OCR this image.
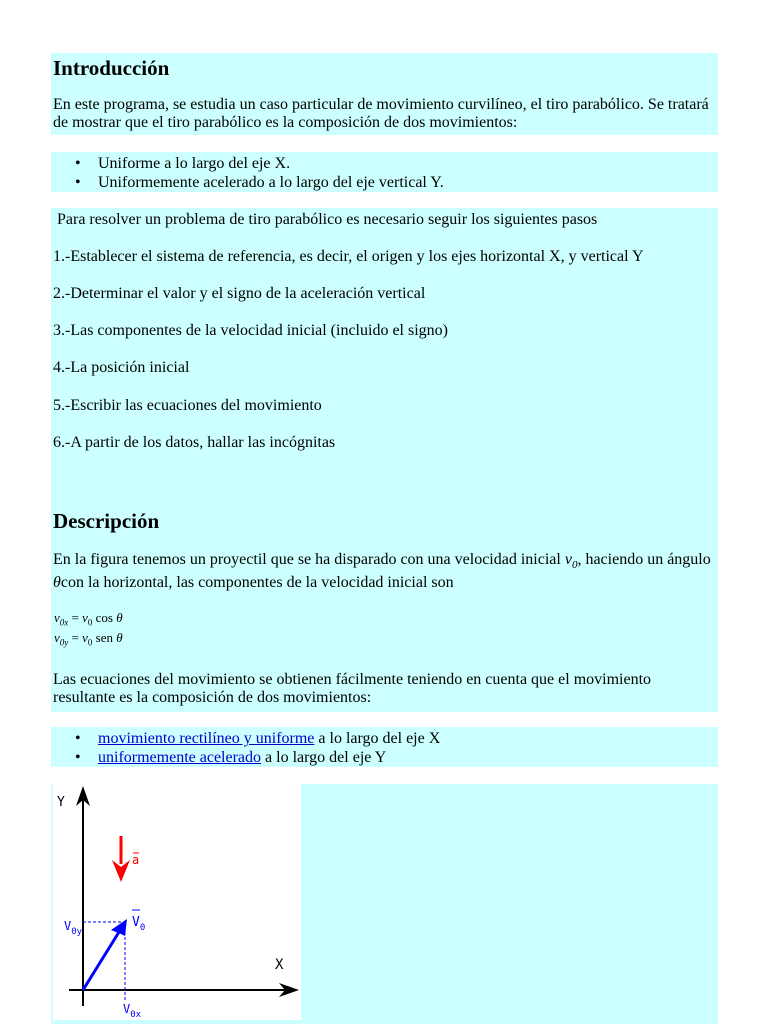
Introducción
En este programa, se estudia un caso particular de movimiento curvilíneo, el tiro parabólico. Se tratará de mostrar que el tiro parabólico es la composición de dos movimientos:
• Uniforme a lo largo del eje X.
• Uniformemente acelerado a lo largo del eje vertical Y.
Para resolver un problema de tiro parabólico es necesario seguir los siguientes pasos
1.-Establecer el sistema de referencia, es decir, el origen y los ejes horizontal X, y vertical Y
2.-Determinar el valor y el signo de la aceleración vertical
3.-Las componentes de la velocidad inicial (incluido el signo)
4.-La posición inicial
5.-Escribir las ecuaciones del movimiento
6.-A partir de los datos, hallar las incógnitas
Descripción
En la figura tenemos un proyectil que se ha disparado con una velocidad inicial $v_0$, haciendo un ángulo θcon la horizontal, las componentes de la velocidad inicial son
$v_{0x} = v_0$ cos θ
$v_{0y} = v_0$ sen θ
Las ecuaciones del movimiento se obtienen fácilmente teniendo en cuenta que el movimiento resultante es la composición de dos movimientos:
• movimiento rectilíneo y uniforme a lo largo del eje X
• uniformemente acelerado a lo largo del eje Y
Y
X
a
$V_0$
$V_{0y}$
$V_{0x}$
